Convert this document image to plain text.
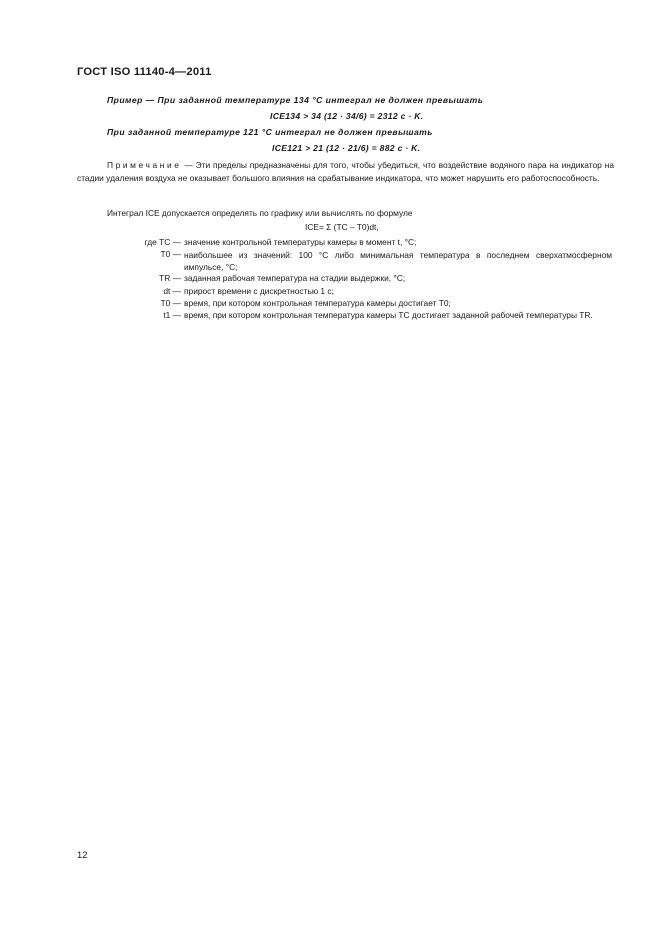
ГОСТ ISO 11140-4—2011
Пример — При заданной температуре 134 °С интеграл не должен превышать
ICE134 > 34 (12 · 34/6) = 2312 c · K.
При заданной температуре 121 °С интеграл не должен превышать
ICE121 > 21 (12 · 21/6) = 882 c · K.
Примечание — Эти пределы предназначены для того, чтобы убедиться, что воздействие водяного пара на индикатор на стадии удаления воздуха не оказывает большого влияния на срабатывание индикатора, что может нарушить его работоспособность.
Интеграл ICE допускается определять по графику или вычислять по формуле
ICE= Σ (TC – T0)dt,
где TC — значение контрольной температуры камеры в момент t, °С;
T0 — наибольшее из значений: 100 °С либо минимальная температура в последнем сверхатмосферном импульсе, °С;
TR — заданная рабочая температура на стадии выдержки, °С;
dt — прирост времени с дискретностью 1 с;
T0 — время, при котором контрольная температура камеры достигает T0;
t1 — время, при котором контрольная температура камеры TC достигает заданной рабочей температуры TR.
12
